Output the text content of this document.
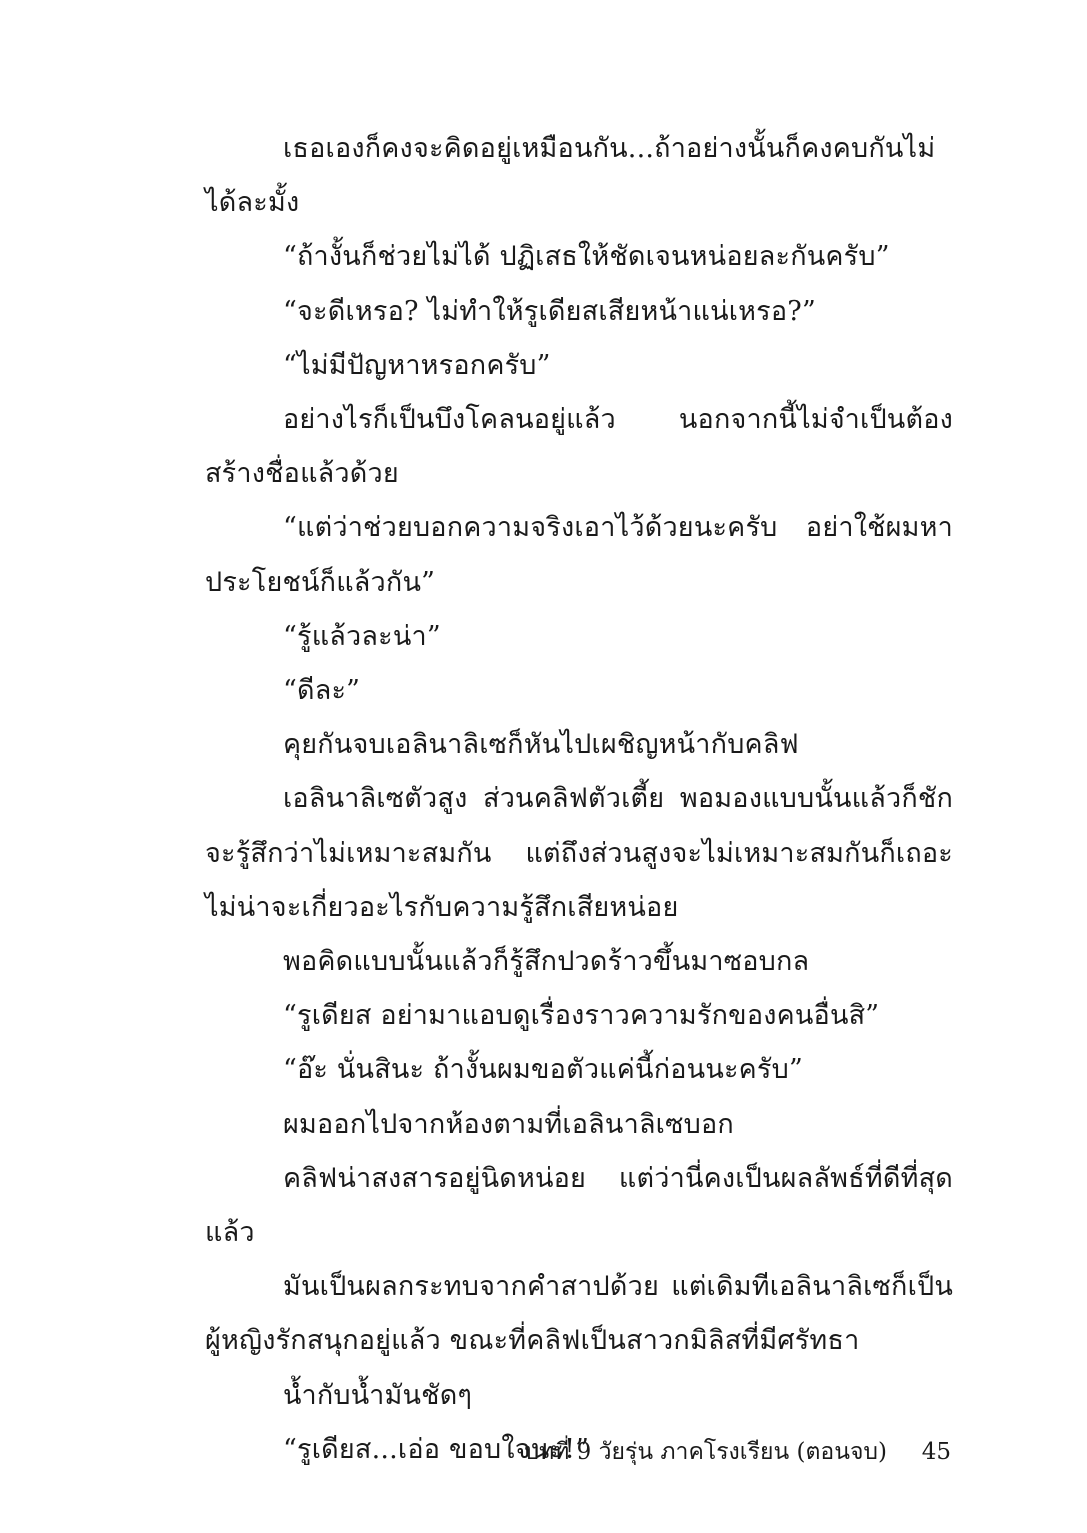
เธอเองก็คงจะคิดอยู่เหมือนกัน...ถ้าอย่างนั้นก็คงคบกันไม่ได้ละมั้ง

“ถ้างั้นก็ช่วยไม่ได้ ปฏิเสธให้ชัดเจนหน่อยละกันครับ”

“จะดีเหรอ? ไม่ทำให้รูเดียสเสียหน้าแน่เหรอ?”

“ไม่มีปัญหาหรอกครับ”

อย่างไรก็เป็นบึงโคลนอยู่แล้ว นอกจากนี้ไม่จำเป็นต้องสร้างชื่อแล้วด้วย

“แต่ว่าช่วยบอกความจริงเอาไว้ด้วยนะครับ อย่าใช้ผมหาประโยชน์ก็แล้วกัน”

“รู้แล้วละน่า”

“ดีละ”

คุยกันจบเอลินาลิเซก็หันไปเผชิญหน้ากับคลิฟ

เอลินาลิเซตัวสูง ส่วนคลิฟตัวเตี้ย พอมองแบบนั้นแล้วก็ชักจะรู้สึกว่าไม่เหมาะสมกัน แต่ถึงส่วนสูงจะไม่เหมาะสมกันก็เถอะ ไม่น่าจะเกี่ยวอะไรกับความรู้สึกเสียหน่อย

พอคิดแบบนั้นแล้วก็รู้สึกปวดร้าวขึ้นมาซอบกล

“รูเดียส อย่ามาแอบดูเรื่องราวความรักของคนอื่นสิ”

“อ๊ะ นั่นสินะ ถ้างั้นผมขอตัวแค่นี้ก่อนนะครับ”

ผมออกไปจากห้องตามที่เอลินาลิเซบอก

คลิฟน่าสงสารอยู่นิดหน่อย แต่ว่านี่คงเป็นผลลัพธ์ที่ดีที่สุดแล้ว

มันเป็นผลกระทบจากคำสาปด้วย แต่เดิมทีเอลินาลิเซก็เป็นผู้หญิงรักสนุกอยู่แล้ว ขณะที่คลิฟเป็นสาวกมิลิสที่มีศรัทธา

น้ำกับน้ำมันชัดๆ

“รูเดียส...เอ่อ ขอบใจนะ!”

บทที่ 9 วัยรุ่น ภาคโรงเรียน (ตอนจบ) 45
